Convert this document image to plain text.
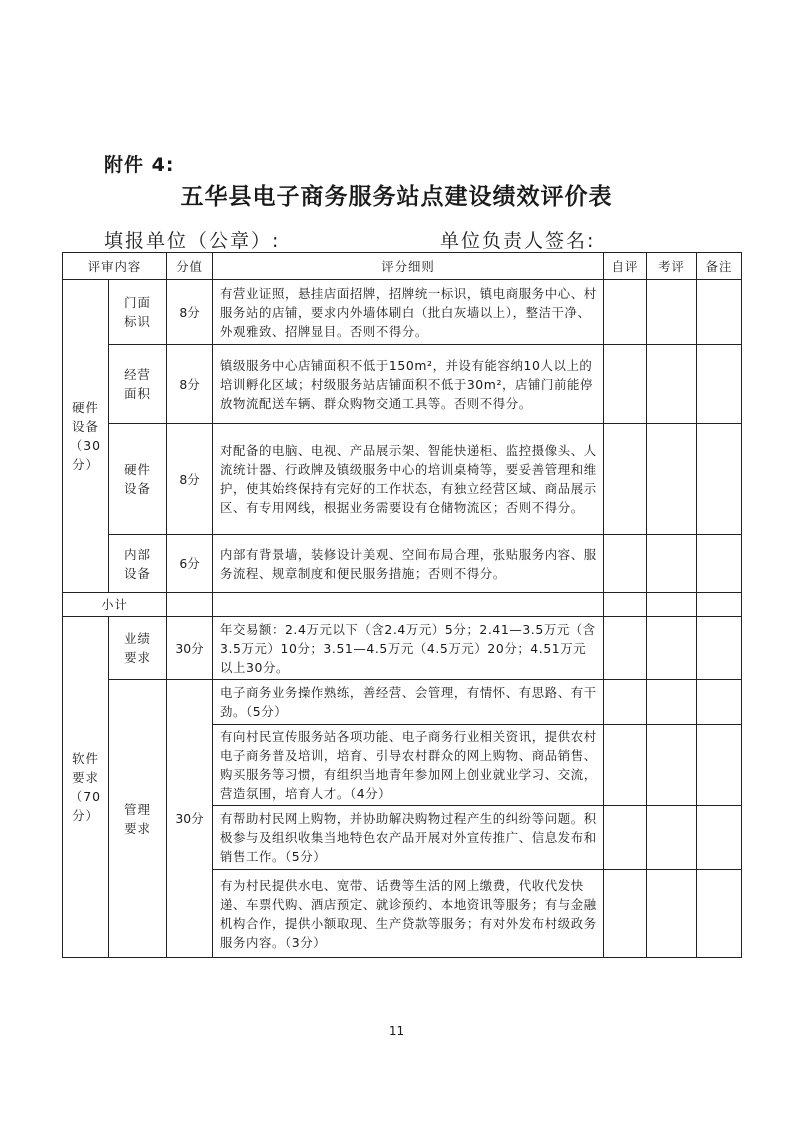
附件 4:
五华县电子商务服务站点建设绩效评价表
填报单位（公章）:	单位负责人签名:
评审内容		分值	评分细则	自评	考评	备注
硬件设备（30分）	门面标识	8分	有营业证照，悬挂店面招牌，招牌统一标识，镇电商服务中心、村服务站的店铺，要求内外墙体刷白（批白灰墙以上），整洁干净、外观雅致、招牌显目。否则不得分。			
	经营面积	8分	镇级服务中心店铺面积不低于150m²，并设有能容纳10人以上的培训孵化区域；村级服务站店铺面积不低于30m²，店铺门前能停放物流配送车辆、群众购物交通工具等。否则不得分。			
	硬件设备	8分	对配备的电脑、电视、产品展示架、智能快递柜、监控摄像头、人流统计器、行政牌及镇级服务中心的培训桌椅等，要妥善管理和维护，使其始终保持有完好的工作状态，有独立经营区域、商品展示区、有专用网线，根据业务需要设有仓储物流区；否则不得分。			
	内部设备	6分	内部有背景墙，装修设计美观、空间布局合理，张贴服务内容、服务流程、规章制度和便民服务措施；否则不得分。			
小计						
软件要求（70分）	业绩要求	30分	年交易额：2.4万元以下（含2.4万元）5分；2.41—3.5万元（含3.5万元）10分；3.51—4.5万元（4.5万元）20分；4.51万元以上30分。			
	管理要求	30分	电子商务业务操作熟练，善经营、会管理，有情怀、有思路、有干劲。（5分）			
			有向村民宣传服务站各项功能、电子商务行业相关资讯，提供农村电子商务普及培训，培育、引导农村群众的网上购物、商品销售、购买服务等习惯，有组织当地青年参加网上创业就业学习、交流，营造氛围，培育人才。（4分）			
			有帮助村民网上购物，并协助解决购物过程产生的纠纷等问题。积极参与及组织收集当地特色农产品开展对外宣传推广、信息发布和销售工作。（5分）			
			有为村民提供水电、宽带、话费等生活的网上缴费，代收代发快递、车票代购、酒店预定、就诊预约、本地资讯等服务；有与金融机构合作，提供小额取现、生产贷款等服务；有对外发布村级政务服务内容。（3分）			
11
